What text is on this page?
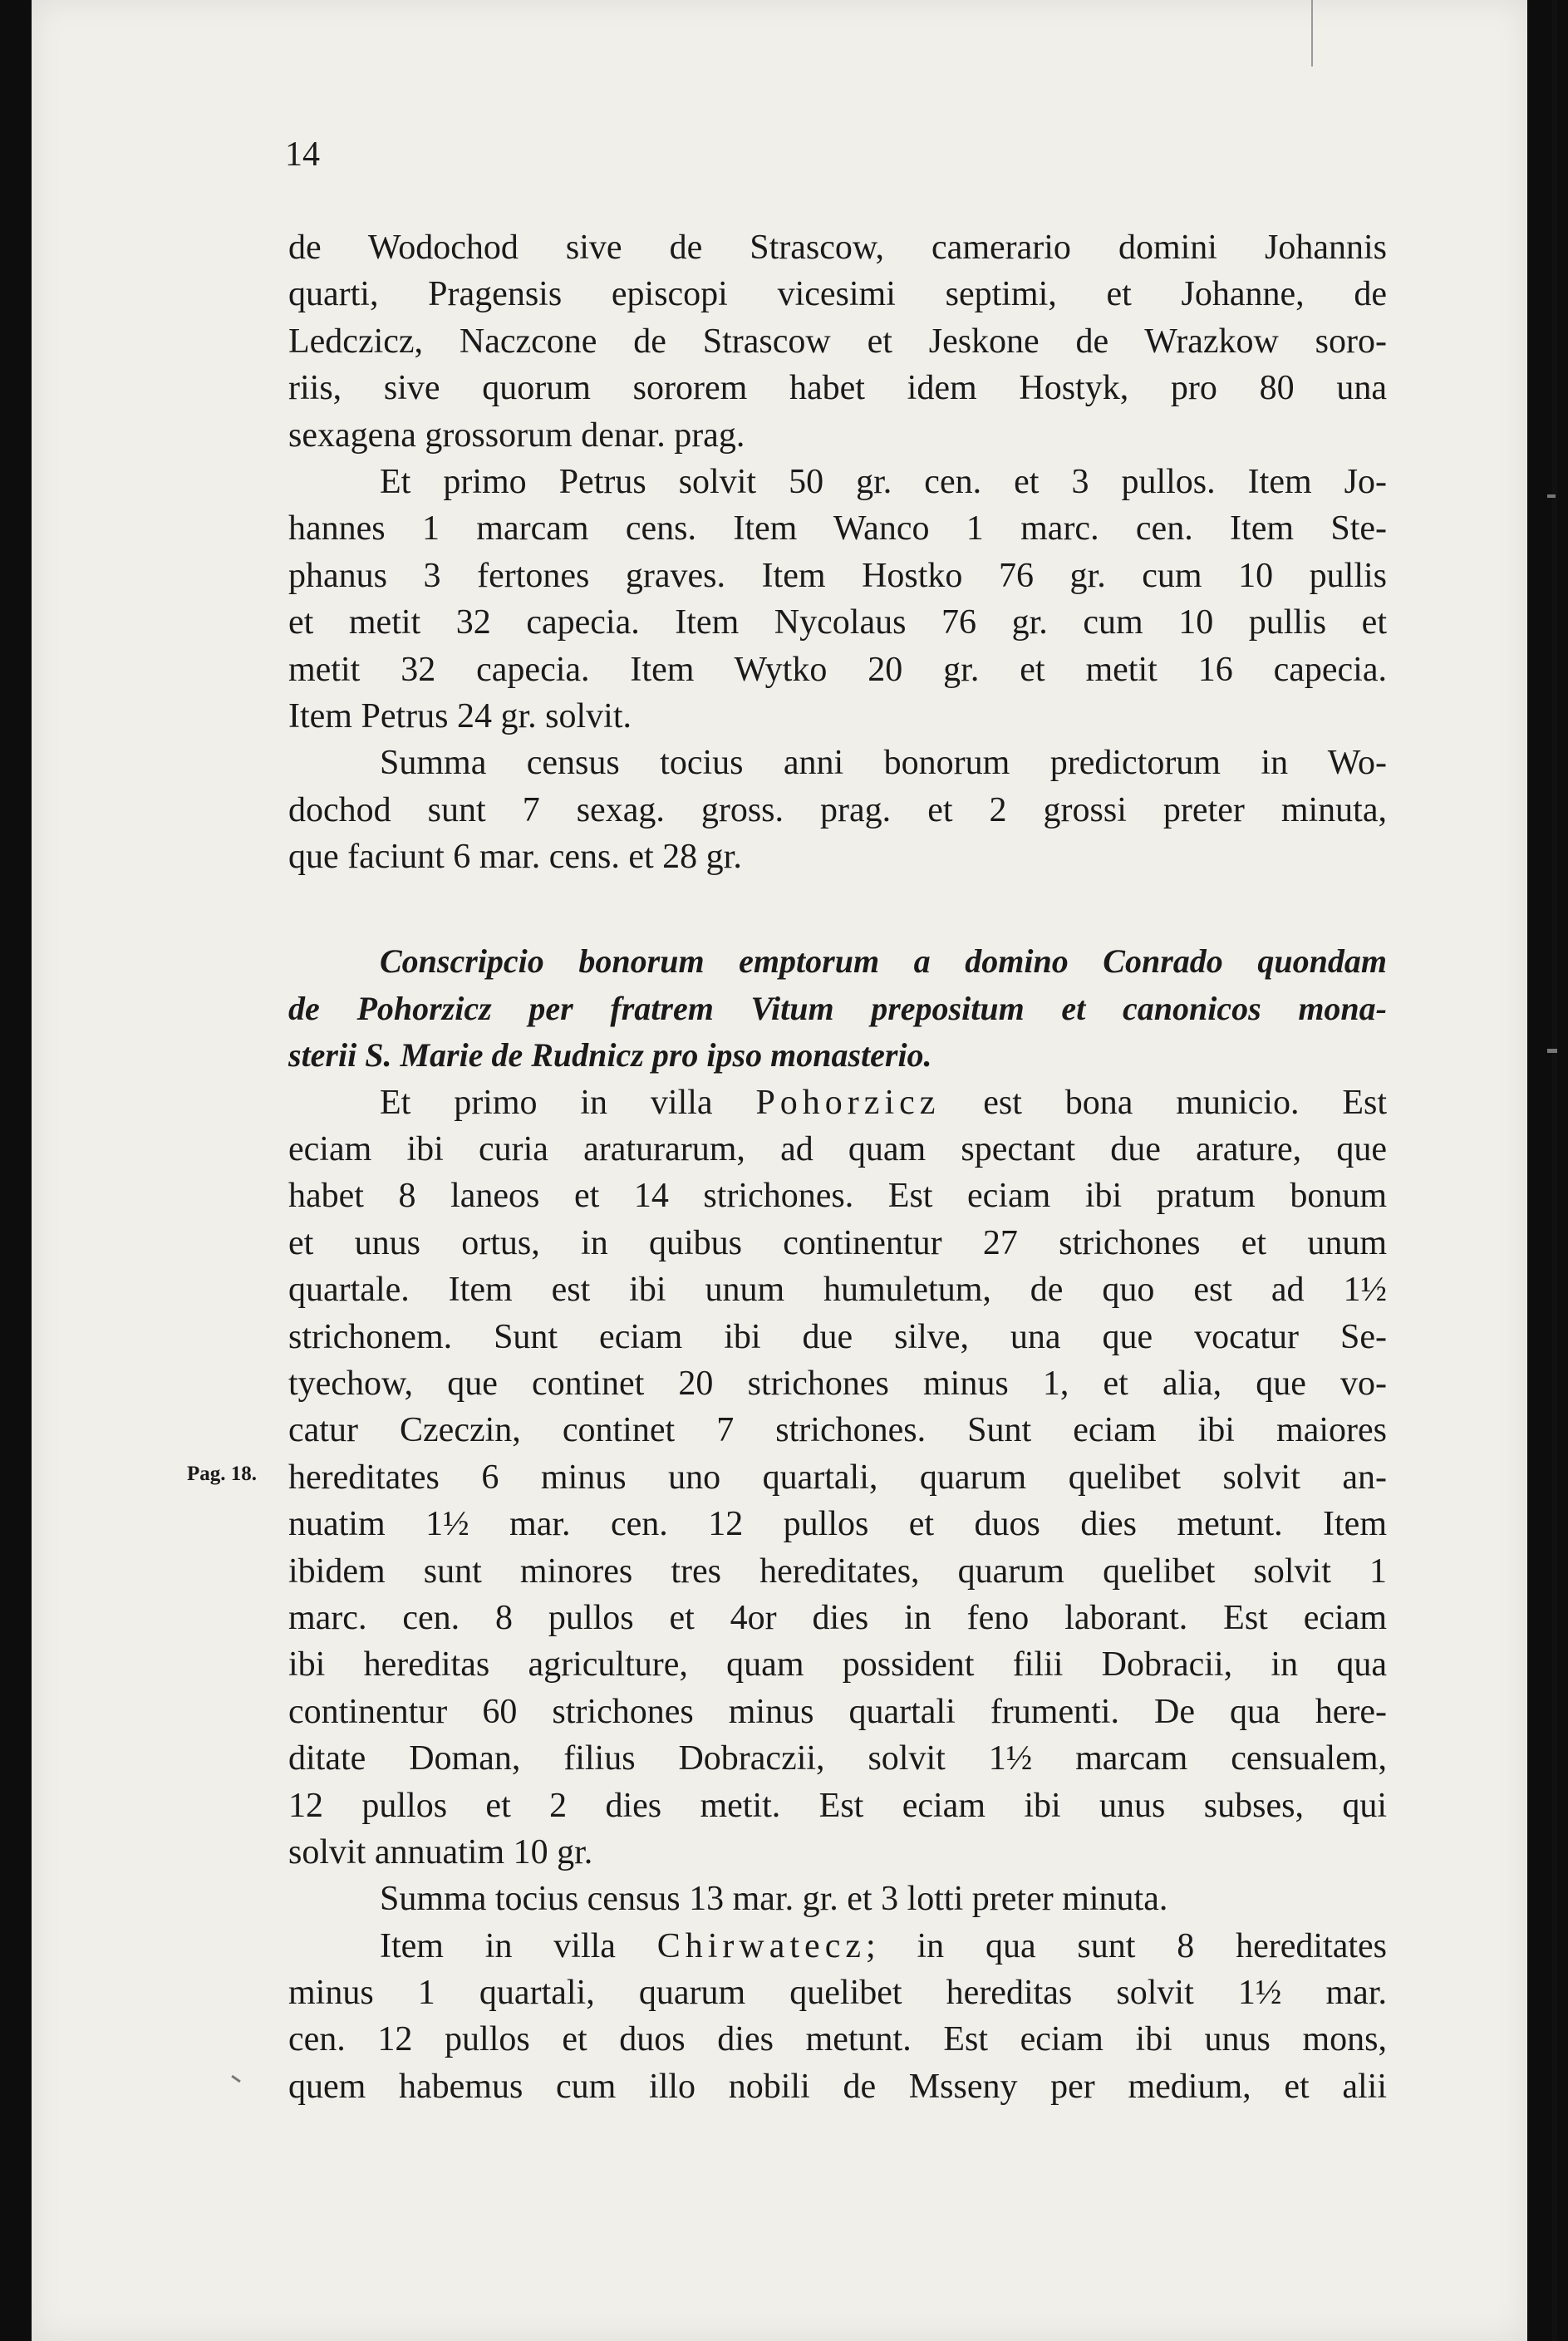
14
Pag. 18.
de Wodochod sive de Strascow, camerario domini Johannis
quarti, Pragensis episcopi vicesimi septimi, et Johanne, de
Ledczicz, Naczcone de Strascow et Jeskone de Wrazkow soro-
riis, sive quorum sororem habet idem Hostyk, pro 80 una
sexagena grossorum denar. prag.
Et primo Petrus solvit 50 gr. cen. et 3 pullos. Item Jo-
hannes 1 marcam cens. Item Wanco 1 marc. cen. Item Ste-
phanus 3 fertones graves. Item Hostko 76 gr. cum 10 pullis
et metit 32 capecia. Item Nycolaus 76 gr. cum 10 pullis et
metit 32 capecia. Item Wytko 20 gr. et metit 16 capecia.
Item Petrus 24 gr. solvit.
Summa census tocius anni bonorum predictorum in Wo-
dochod sunt 7 sexag. gross. prag. et 2 grossi preter minuta,
que faciunt 6 mar. cens. et 28 gr.
Conscripcio bonorum emptorum a domino Conrado quondam
de Pohorzicz per fratrem Vitum prepositum et canonicos mona-
sterii S. Marie de Rudnicz pro ipso monasterio.
Et primo in villa Pohorzicz est bona municio. Est
eciam ibi curia araturarum, ad quam spectant due arature, que
habet 8 laneos et 14 strichones. Est eciam ibi pratum bonum
et unus ortus, in quibus continentur 27 strichones et unum
quartale. Item est ibi unum humuletum, de quo est ad 1½
strichonem. Sunt eciam ibi due silve, una que vocatur Se-
tyechow, que continet 20 strichones minus 1, et alia, que vo-
catur Czeczin, continet 7 strichones. Sunt eciam ibi maiores
hereditates 6 minus uno quartali, quarum quelibet solvit an-
nuatim 1½ mar. cen. 12 pullos et duos dies metunt. Item
ibidem sunt minores tres hereditates, quarum quelibet solvit 1
marc. cen. 8 pullos et 4or dies in feno laborant. Est eciam
ibi hereditas agriculture, quam possident filii Dobracii, in qua
continentur 60 strichones minus quartali frumenti. De qua here-
ditate Doman, filius Dobraczii, solvit 1½ marcam censualem,
12 pullos et 2 dies metit. Est eciam ibi unus subses, qui
solvit annuatim 10 gr.
Summa tocius census 13 mar. gr. et 3 lotti preter minuta.
Item in villa Chirwatecz; in qua sunt 8 hereditates
minus 1 quartali, quarum quelibet hereditas solvit 1½ mar.
cen. 12 pullos et duos dies metunt. Est eciam ibi unus mons,
quem habemus cum illo nobili de Msseny per medium, et alii
